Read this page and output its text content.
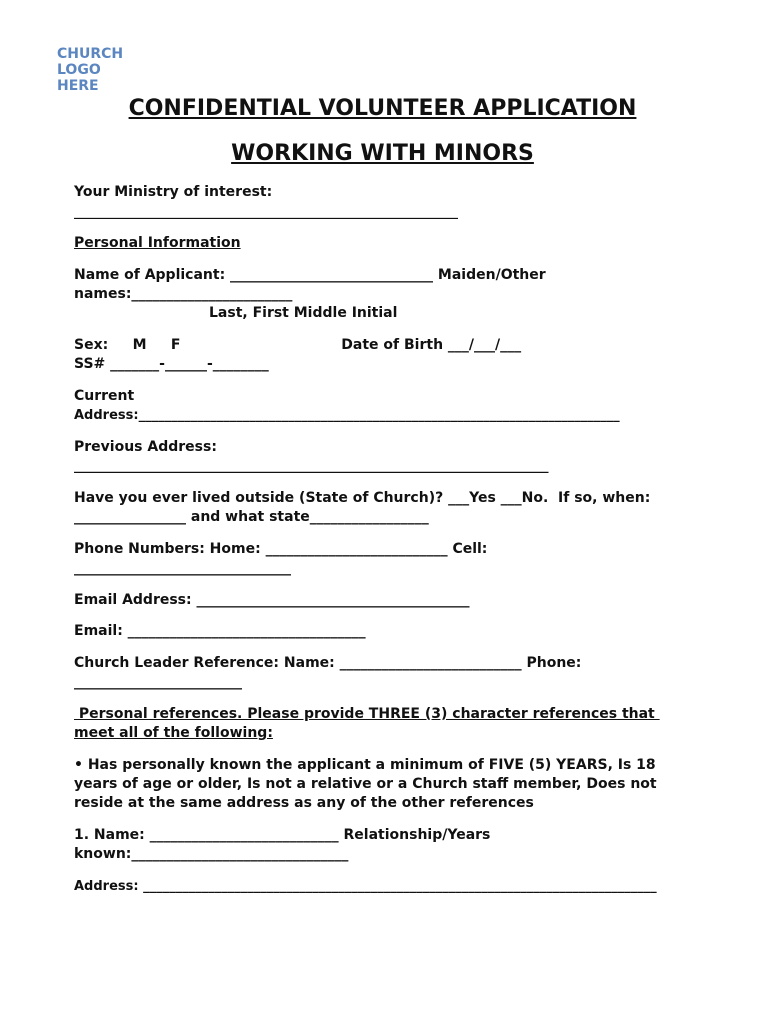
CHURCH
LOGO
HERE
CONFIDENTIAL VOLUNTEER APPLICATION
WORKING WITH MINORS
Your Ministry of interest:
________________________________________________________________
Personal Information
Name of Applicant: _____________________________ Maiden/Other
names:_______________________
Last, First Middle Initial
Sex:     M     F                                 Date of Birth ___/___/___
SS# _______-______-________
Current
Address:__________________________________________________________________________
Previous Address:
_________________________________________________________________________
Have you ever lived outside (State of Church)? ___Yes ___No.  If so, when:
________________ and what state_________________
Phone Numbers: Home: __________________________ Cell:
_______________________________
Email Address: _______________________________________
Email: __________________________________
Church Leader Reference: Name: __________________________ Phone:
________________________
Personal references. Please provide THREE (3) character references that
meet all of the following:
• Has personally known the applicant a minimum of FIVE (5) YEARS, Is 18
years of age or older, Is not a relative or a Church staff member, Does not
reside at the same address as any of the other references
1. Name: ___________________________ Relationship/Years
known:_______________________________
Address: _______________________________________________________________________________
